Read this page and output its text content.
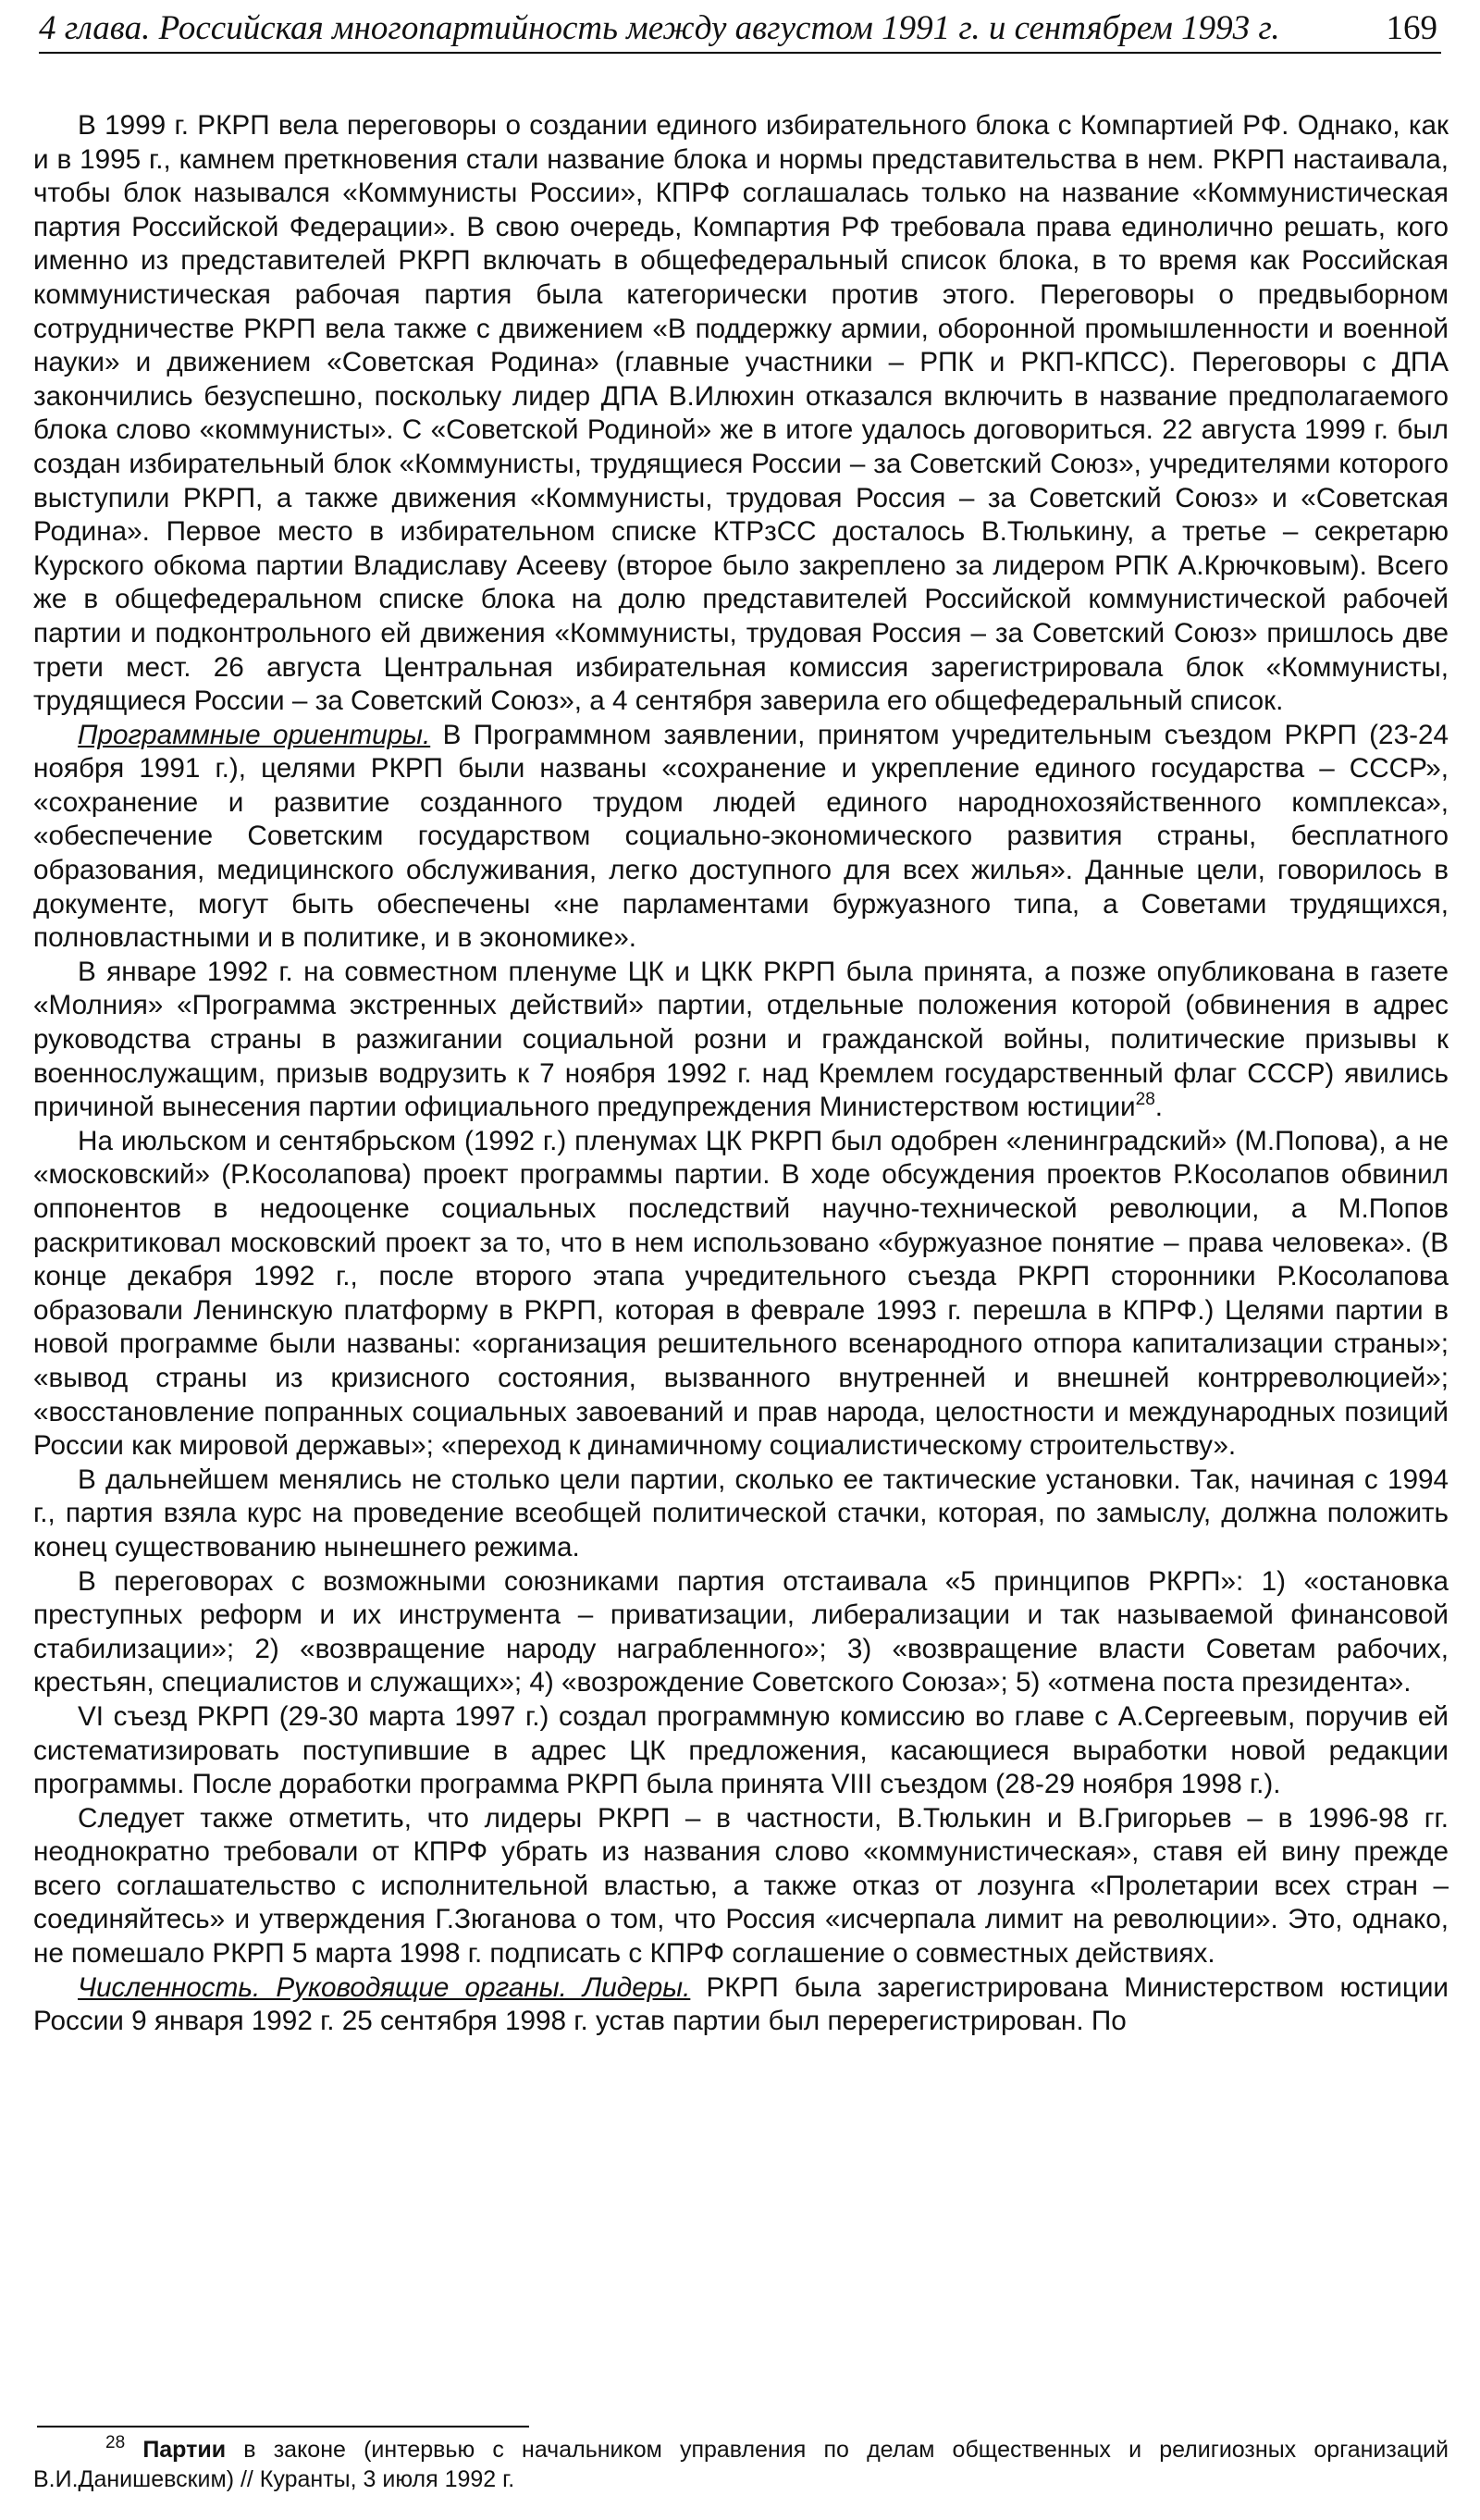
4 глава. Российская многопартийность между августом 1991 г. и сентябрем 1993 г.	169

В 1999 г. РКРП вела переговоры о создании единого избирательного блока с Компартией РФ. Однако, как и в 1995 г., камнем преткновения стали название блока и нормы представительства в нем. РКРП настаивала, чтобы блок назывался «Коммунисты России», КПРФ соглашалась только на название «Коммунистическая партия Российской Федерации». В свою очередь, Компартия РФ требовала права единолично решать, кого именно из представителей РКРП включать в общефедеральный список блока, в то время как Российская коммунистическая рабочая партия была категорически против этого. Переговоры о предвыборном сотрудничестве РКРП вела также с движением «В поддержку армии, оборонной промышленности и военной науки» и движением «Советская Родина» (главные участники – РПК и РКП-КПСС). Переговоры с ДПА закончились безуспешно, поскольку лидер ДПА В.Илюхин отказался включить в название предполагаемого блока слово «коммунисты». С «Советской Родиной» же в итоге удалось договориться. 22 августа 1999 г. был создан избирательный блок «Коммунисты, трудящиеся России – за Советский Союз», учредителями которого выступили РКРП, а также движения «Коммунисты, трудовая Россия – за Советский Союз» и «Советская Родина». Первое место в избирательном списке КТРзСС досталось В.Тюлькину, а третье – секретарю Курского обкома партии Владиславу Асееву (второе было закреплено за лидером РПК А.Крючковым). Всего же в общефедеральном списке блока на долю представителей Российской коммунистической рабочей партии и подконтрольного ей движения «Коммунисты, трудовая Россия – за Советский Союз» пришлось две трети мест. 26 августа Центральная избирательная комиссия зарегистрировала блок «Коммунисты, трудящиеся России – за Советский Союз», а 4 сентября заверила его общефедеральный список.

Программные ориентиры. В Программном заявлении, принятом учредительным съездом РКРП (23-24 ноября 1991 г.), целями РКРП были названы «сохранение и укрепление единого государства – СССР», «сохранение и развитие созданного трудом людей единого народнохозяйственного комплекса», «обеспечение Советским государством социально-экономического развития страны, бесплатного образования, медицинского обслуживания, легко доступного для всех жилья». Данные цели, говорилось в документе, могут быть обеспечены «не парламентами буржуазного типа, а Советами трудящихся, полновластными и в политике, и в экономике».

В январе 1992 г. на совместном пленуме ЦК и ЦКК РКРП была принята, а позже опубликована в газете «Молния» «Программа экстренных действий» партии, отдельные положения которой (обвинения в адрес руководства страны в разжигании социальной розни и гражданской войны, политические призывы к военнослужащим, призыв водрузить к 7 ноября 1992 г. над Кремлем государственный флаг СССР) явились причиной вынесения партии официального предупреждения Министерством юстиции$^{28}$.

На июльском и сентябрьском (1992 г.) пленумах ЦК РКРП был одобрен «ленинградский» (М.Попова), а не «московский» (Р.Косолапова) проект программы партии. В ходе обсуждения проектов Р.Косолапов обвинил оппонентов в недооценке социальных последствий научно-технической революции, а М.Попов раскритиковал московский проект за то, что в нем использовано «буржуазное понятие – права человека». (В конце декабря 1992 г., после второго этапа учредительного съезда РКРП сторонники Р.Косолапова образовали Ленинскую платформу в РКРП, которая в феврале 1993 г. перешла в КПРФ.) Целями партии в новой программе были названы: «организация решительного всенародного отпора капитализации страны»; «вывод страны из кризисного состояния, вызванного внутренней и внешней контрреволюцией»; «восстановление попранных социальных завоеваний и прав народа, целостности и международных позиций России как мировой державы»; «переход к динамичному социалистическому строительству».

В дальнейшем менялись не столько цели партии, сколько ее тактические установки. Так, начиная с 1994 г., партия взяла курс на проведение всеобщей политической стачки, которая, по замыслу, должна положить конец существованию нынешнего режима.

В переговорах с возможными союзниками партия отстаивала «5 принципов РКРП»: 1) «остановка преступных реформ и их инструмента – приватизации, либерализации и так называемой финансовой стабилизации»; 2) «возвращение народу награбленного»; 3) «возвращение власти Советам рабочих, крестьян, специалистов и служащих»; 4) «возрождение Советского Союза»; 5) «отмена поста президента».

VI съезд РКРП (29-30 марта 1997 г.) создал программную комиссию во главе с А.Сергеевым, поручив ей систематизировать поступившие в адрес ЦК предложения, касающиеся выработки новой редакции программы. После доработки программа РКРП была принята VIII съездом (28-29 ноября 1998 г.).

Следует также отметить, что лидеры РКРП – в частности, В.Тюлькин и В.Григорьев – в 1996-98 гг. неоднократно требовали от КПРФ убрать из названия слово «коммунистическая», ставя ей вину прежде всего соглашательство с исполнительной властью, а также отказ от лозунга «Пролетарии всех стран – соединяйтесь» и утверждения Г.Зюганова о том, что Россия «исчерпала лимит на революции». Это, однако, не помешало РКРП 5 марта 1998 г. подписать с КПРФ соглашение о совместных действиях.

Численность. Руководящие органы. Лидеры. РКРП была зарегистрирована Министерством юстиции России 9 января 1992 г. 25 сентября 1998 г. устав партии был перерегистрирован. По

$^{28}$ Партии в законе (интервью с начальником управления по делам общественных и религиозных организаций В.И.Данишевским) // Куранты, 3 июля 1992 г.
